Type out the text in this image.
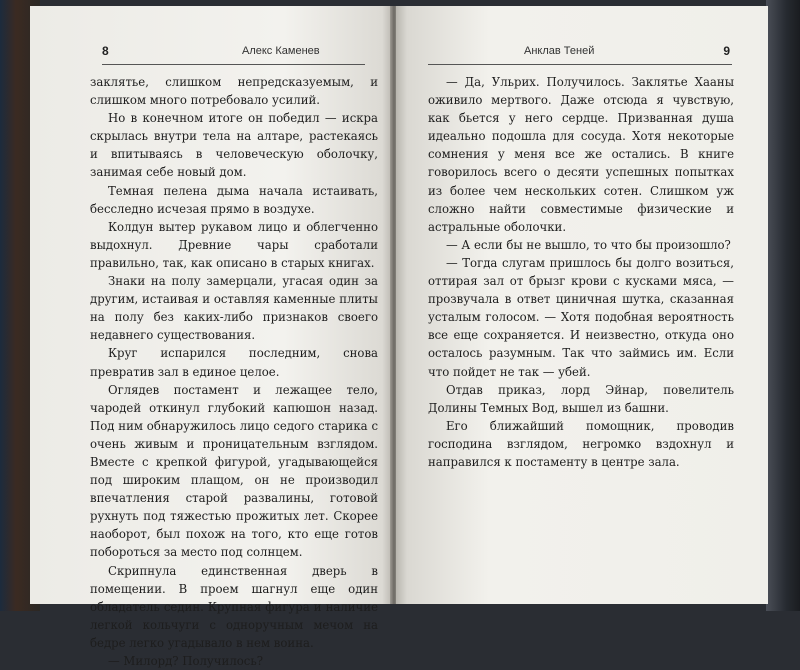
8	Алекс Каменев

заклятье, слишком непредсказуемым, и слишком много потребовало усилий.

Но в конечном итоге он победил — искра скрылась внутри тела на алтаре, растекаясь и впитываясь в человеческую оболочку, занимая себе новый дом.

Темная пелена дыма начала истаивать, бесследно исчезая прямо в воздухе.

Колдун вытер рукавом лицо и облегченно выдохнул. Древние чары сработали правильно, так, как описано в старых книгах.

Знаки на полу замерцали, угасая один за другим, истаивая и оставляя каменные плиты на полу без каких-либо признаков своего недавнего существования.

Круг испарился последним, снова превратив зал в единое целое.

Оглядев постамент и лежащее тело, чародей откинул глубокий капюшон назад. Под ним обнаружилось лицо седого старика с очень живым и проницательным взглядом. Вместе с крепкой фигурой, угадывающейся под широким плащом, он не производил впечатления старой развалины, готовой рухнуть под тяжестью прожитых лет. Скорее наоборот, был похож на того, кто еще готов побороться за место под солнцем.

Скрипнула единственная дверь в помещении. В проем шагнул еще один обладатель седин. Крупная фигура и наличие легкой кольчуги с одноручным мечом на бедре легко угадывало в нем воина.

— Милорд? Получилось?

Анклав Теней	9

— Да, Ульрих. Получилось. Заклятье Хааны оживило мертвого. Даже отсюда я чувствую, как бьется у него сердце. Призванная душа идеально подошла для сосуда. Хотя некоторые сомнения у меня все же остались. В книге говорилось всего о десяти успешных попытках из более чем нескольких сотен. Слишком уж сложно найти совместимые физические и астральные оболочки.

— А если бы не вышло, то что бы произошло?

— Тогда слугам пришлось бы долго возиться, оттирая зал от брызг крови с кусками мяса, — прозвучала в ответ циничная шутка, сказанная усталым голосом. — Хотя подобная вероятность все еще сохраняется. И неизвестно, откуда оно осталось разумным. Так что займись им. Если что пойдет не так — убей.

Отдав приказ, лорд Эйнар, повелитель Долины Темных Вод, вышел из башни.

Его ближайший помощник, проводив господина взглядом, негромко вздохнул и направился к постаменту в центре зала.
